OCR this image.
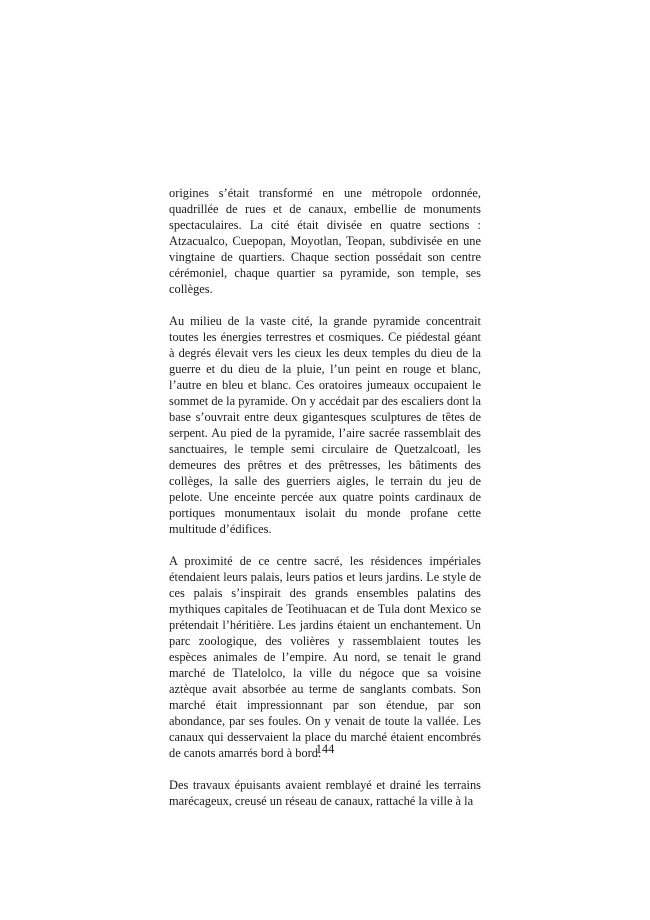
origines s’était transformé en une métropole ordonnée, quadrillée de rues et de canaux, embellie de monuments spectaculaires. La cité était divisée en quatre sections : Atzacualco, Cuepopan, Moyotlan, Teopan, subdivisée en une vingtaine de quartiers. Chaque section possédait son centre cérémoniel, chaque quartier sa pyramide, son temple, ses collèges.

Au milieu de la vaste cité, la grande pyramide concentrait toutes les énergies terrestres et cosmiques. Ce piédestal géant à degrés élevait vers les cieux les deux temples du dieu de la guerre et du dieu de la pluie, l’un peint en rouge et blanc, l’autre en bleu et blanc. Ces oratoires jumeaux occupaient le sommet de la pyramide. On y accédait par des escaliers dont la base s’ouvrait entre deux gigantesques sculptures de têtes de serpent. Au pied de la pyramide, l’aire sacrée rassemblait des sanctuaires, le temple semi circulaire de Quetzalcoatl, les demeures des prêtres et des prêtresses, les bâtiments des collèges, la salle des guerriers aigles, le terrain du jeu de pelote. Une enceinte percée aux quatre points cardinaux de portiques monumentaux isolait du monde profane cette multitude d’édifices.

A proximité de ce centre sacré, les résidences impériales étendaient leurs palais, leurs patios et leurs jardins. Le style de ces palais s’inspirait des grands ensembles palatins des mythiques capitales de Teotihuacan et de Tula dont Mexico se prétendait l’héritière. Les jardins étaient un enchantement. Un parc zoologique, des volières y rassemblaient toutes les espèces animales de l’empire. Au nord, se tenait le grand marché de Tlatelolco, la ville du négoce que sa voisine aztèque avait absorbée au terme de sanglants combats. Son marché était impressionnant par son étendue, par son abondance, par ses foules. On y venait de toute la vallée. Les canaux qui desservaient la place du marché étaient encombrés de canots amarrés bord à bord.

Des travaux épuisants avaient remblayé et drainé les terrains marécageux, creusé un réseau de canaux, rattaché la ville à la

144
